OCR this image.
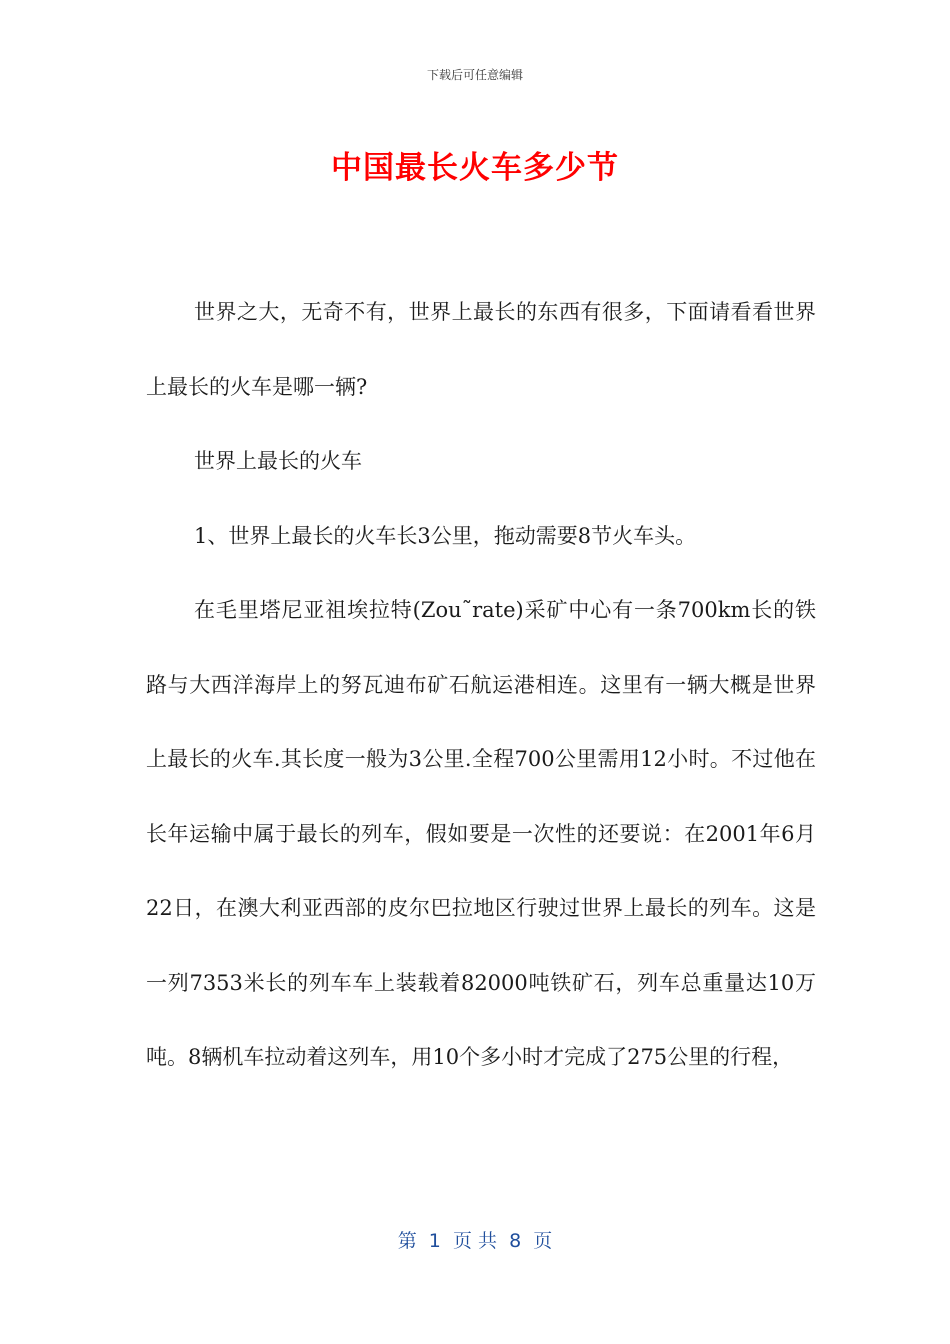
下载后可任意编辑
中国最长火车多少节

世界之大，无奇不有，世界上最长的东西有很多，下面请看看世界上最长的火车是哪一辆?

世界上最长的火车

1、世界上最长的火车长3公里，拖动需要8节火车头。

在毛里塔尼亚祖埃拉特(Zou˜rate)采矿中心有一条700km长的铁路与大西洋海岸上的努瓦迪布矿石航运港相连。这里有一辆大概是世界上最长的火车.其长度一般为3公里.全程700公里需用12小时。不过他在长年运输中属于最长的列车，假如要是一次性的还要说：在2001年6月22日，在澳大利亚西部的皮尔巴拉地区行驶过世界上最长的列车。这是一列7353米长的列车车上装载着82000吨铁矿石，列车总重量达10万吨。8辆机车拉动着这列车，用10个多小时才完成了275公里的行程，

第  1  页 共  8  页
